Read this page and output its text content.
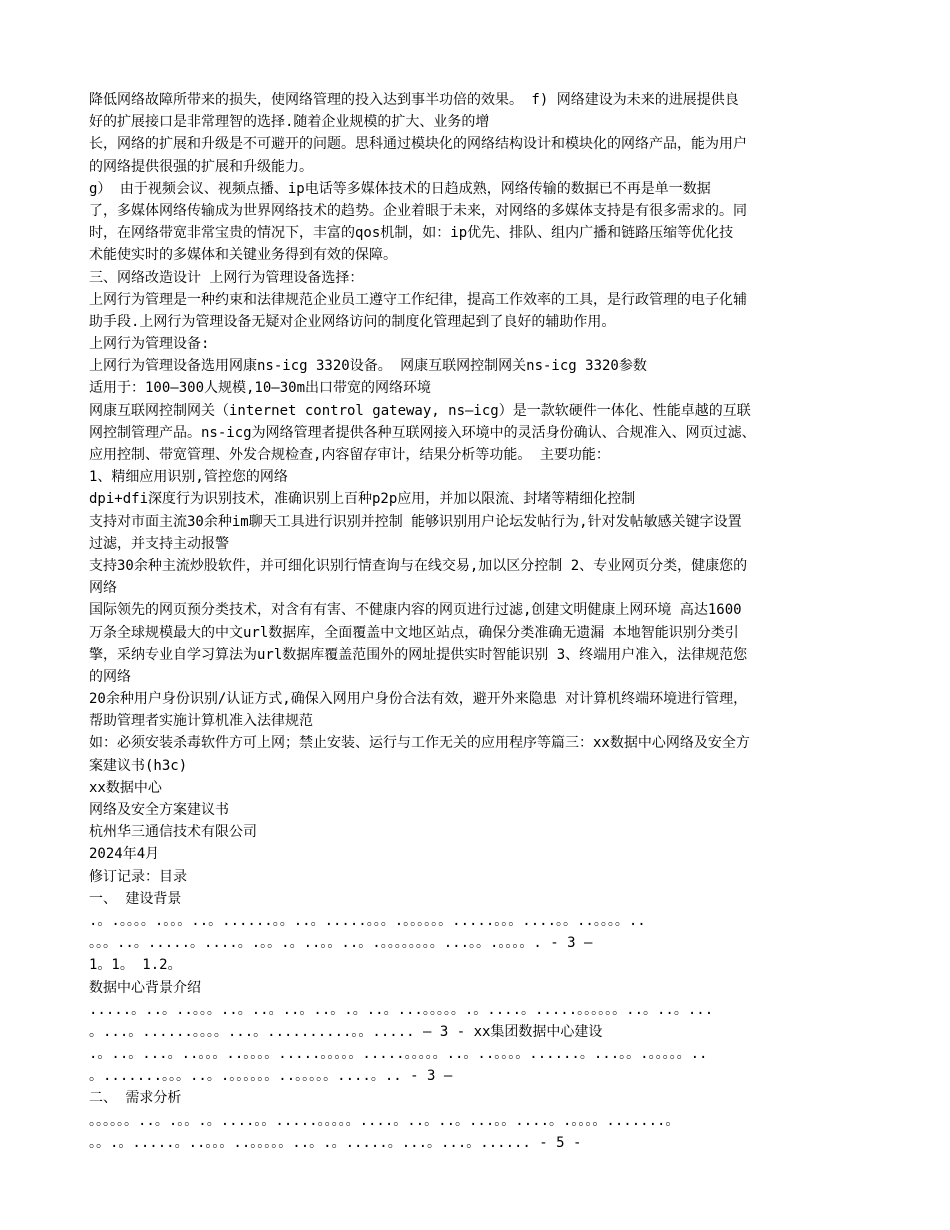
降低网络故障所带来的损失，使网络管理的投入达到事半功倍的效果。 f) 网络建设为未来的进展提供良
好的扩展接口是非常理智的选择.随着企业规模的扩大、业务的增
长，网络的扩展和升级是不可避开的问题。思科通过模块化的网络结构设计和模块化的网络产品，能为用户
的网络提供很强的扩展和升级能力。
g） 由于视频会议、视频点播、ip电话等多媒体技术的日趋成熟，网络传输的数据已不再是单一数据
了，多媒体网络传输成为世界网络技术的趋势。企业着眼于未来，对网络的多媒体支持是有很多需求的。同
时，在网络带宽非常宝贵的情况下，丰富的qos机制，如：ip优先、排队、组内广播和链路压缩等优化技
术能使实时的多媒体和关键业务得到有效的保障。
三、网络改造设计 上网行为管理设备选择：
上网行为管理是一种约束和法律规范企业员工遵守工作纪律，提高工作效率的工具，是行政管理的电子化辅
助手段.上网行为管理设备无疑对企业网络访问的制度化管理起到了良好的辅助作用。
上网行为管理设备:
上网行为管理设备选用网康ns-icg 3320设备。 网康互联网控制网关ns-icg 3320参数
适用于：100—300人规模,10—30m出口带宽的网络环境
网康互联网控制网关（internet control gateway, ns—icg）是一款软硬件一体化、性能卓越的互联
网控制管理产品。ns-icg为网络管理者提供各种互联网接入环境中的灵活身份确认、合规准入、网页过滤、
应用控制、带宽管理、外发合规检查,内容留存审计，结果分析等功能。 主要功能：
1、精细应用识别,管控您的网络
dpi+dfi深度行为识别技术，准确识别上百种p2p应用，并加以限流、封堵等精细化控制
支持对市面主流30余种im聊天工具进行识别并控制 能够识别用户论坛发帖行为,针对发帖敏感关键字设置
过滤，并支持主动报警
支持30余种主流炒股软件，并可细化识别行情查询与在线交易,加以区分控制 2、专业网页分类，健康您的
网络
国际领先的网页预分类技术，对含有有害、不健康内容的网页进行过滤,创建文明健康上网环境 高达1600
万条全球规模最大的中文url数据库，全面覆盖中文地区站点，确保分类准确无遗漏 本地智能识别分类引
擎，采纳专业自学习算法为url数据库覆盖范围外的网址提供实时智能识别 3、终端用户准入，法律规范您
的网络
20余种用户身份识别/认证方式,确保入网用户身份合法有效，避开外来隐患 对计算机终端环境进行管理，
帮助管理者实施计算机准入法律规范
如：必须安装杀毒软件方可上网；禁止安装、运行与工作无关的应用程序等篇三：xx数据中心网络及安全方
案建议书(h3c)
xx数据中心
网络及安全方案建议书
杭州华三通信技术有限公司
2024年4月
修订记录：目录
一、 建设背景
.。.。。。。.。。。..。......。。..。.....。。。.。。。。。。.....。。。....。。..。。。。..
。。。..。.....。....。.。。.。..。。..。.。。。。。。。。...。。.。。。。. - 3 —
1。1。 1.2。
数据中心背景介绍
.....。..。..。。。..。..。..。..。.。..。...。。。。。.。....。.....。。。。。。..。..。...
。...。......。。。。...。..........。。..... — 3 - xx集团数据中心建设
.。..。...。..。。。..。。。。.....。。。。。.....。。。。。..。..。。。。......。...。。.。。。。。..
。.......。。。..。.。。。。。。..。。。。。....。.. - 3 —
二、 需求分析
。。。。。。..。.。。.。....。。.....。。。。。....。..。..。...。。....。.。。。。.......。
。。.。.....。..。。。..。。。。。..。.。.....。...。...。...... - 5 -
